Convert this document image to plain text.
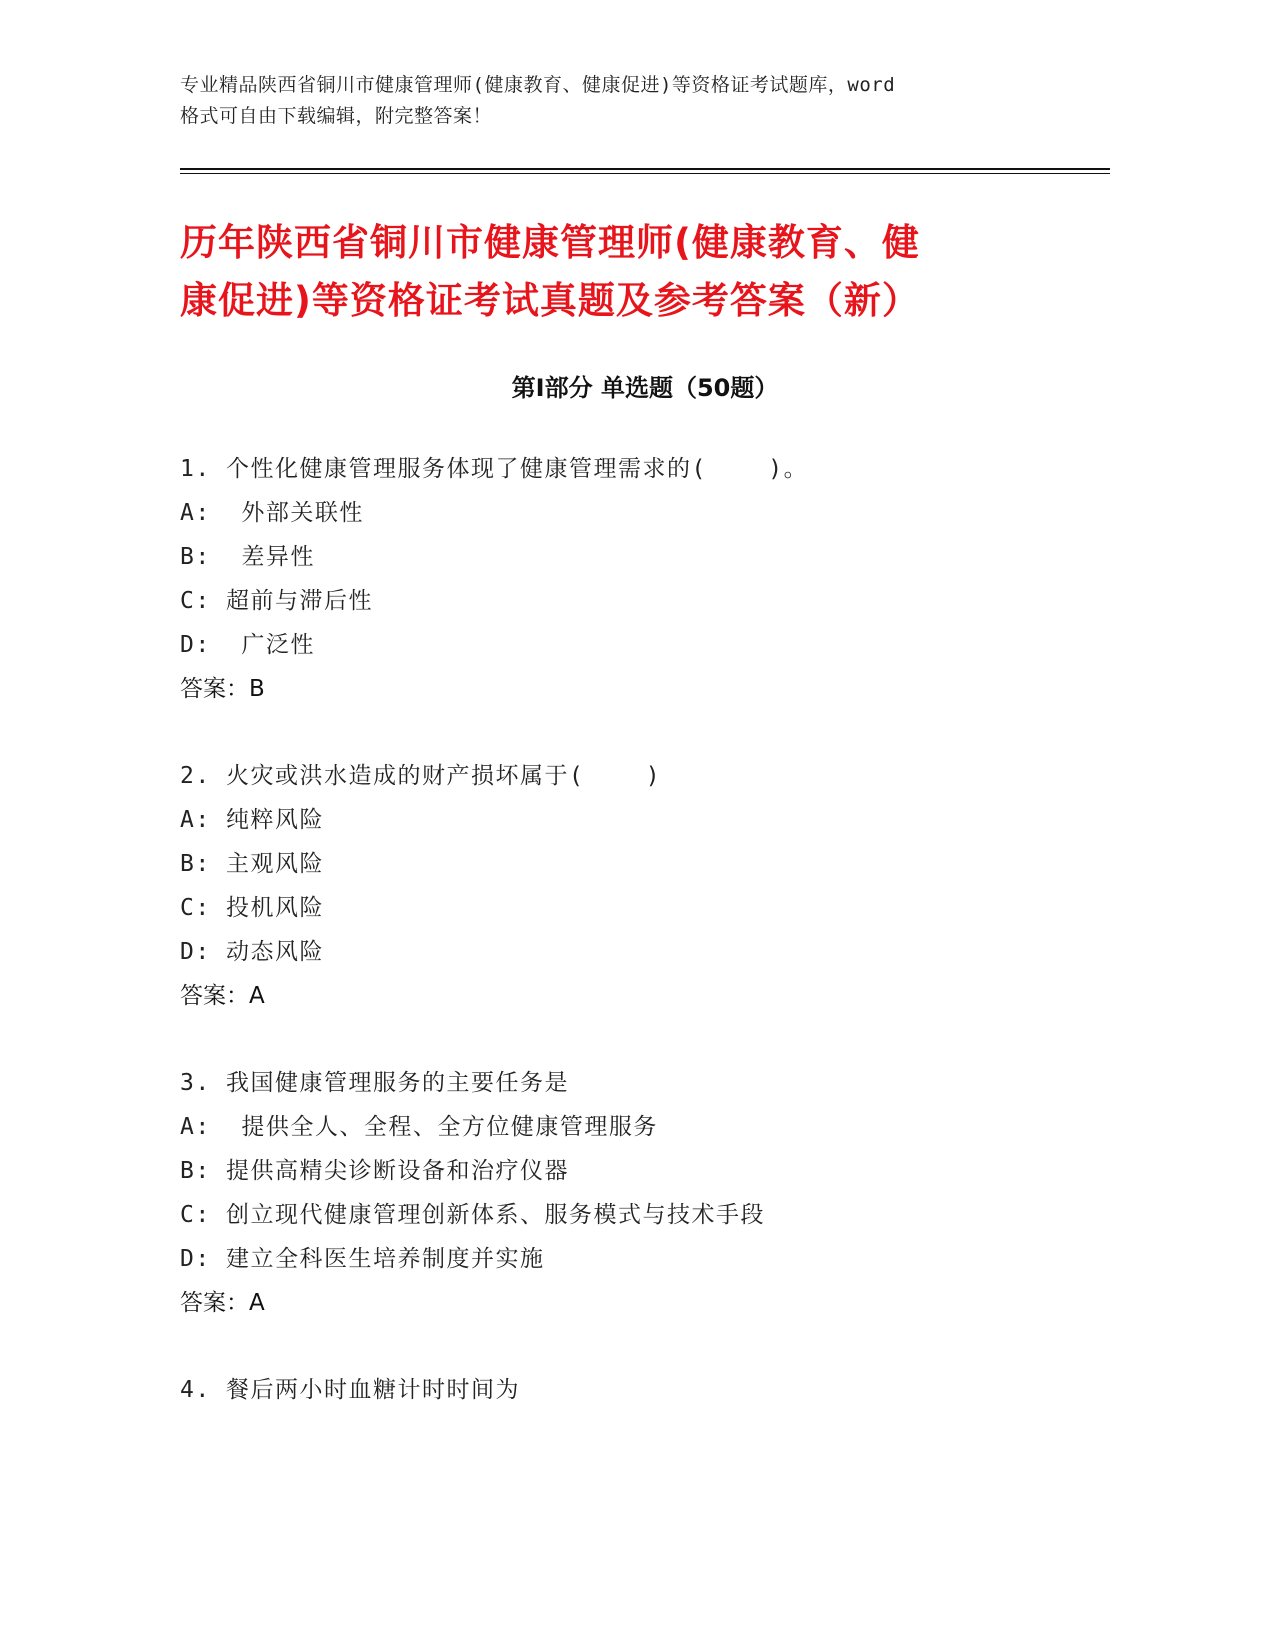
专业精品陕西省铜川市健康管理师(健康教育、健康促进)等资格证考试题库，word

格式可自由下载编辑，附完整答案！

历年陕西省铜川市健康管理师(健康教育、健
康促进)等资格证考试真题及参考答案（新）
第Ⅰ部分 单选题（50题）
1. 个性化健康管理服务体现了健康管理需求的(    )。
A:  外部关联性
B:  差异性
C: 超前与滞后性
D:  广泛性
答案：B
2. 火灾或洪水造成的财产损坏属于(    )
A: 纯粹风险
B: 主观风险
C: 投机风险
D: 动态风险
答案：A
3. 我国健康管理服务的主要任务是
A:  提供全人、全程、全方位健康管理服务
B: 提供高精尖诊断设备和治疗仪器
C: 创立现代健康管理创新体系、服务模式与技术手段
D: 建立全科医生培养制度并实施
答案：A
4. 餐后两小时血糖计时时间为
